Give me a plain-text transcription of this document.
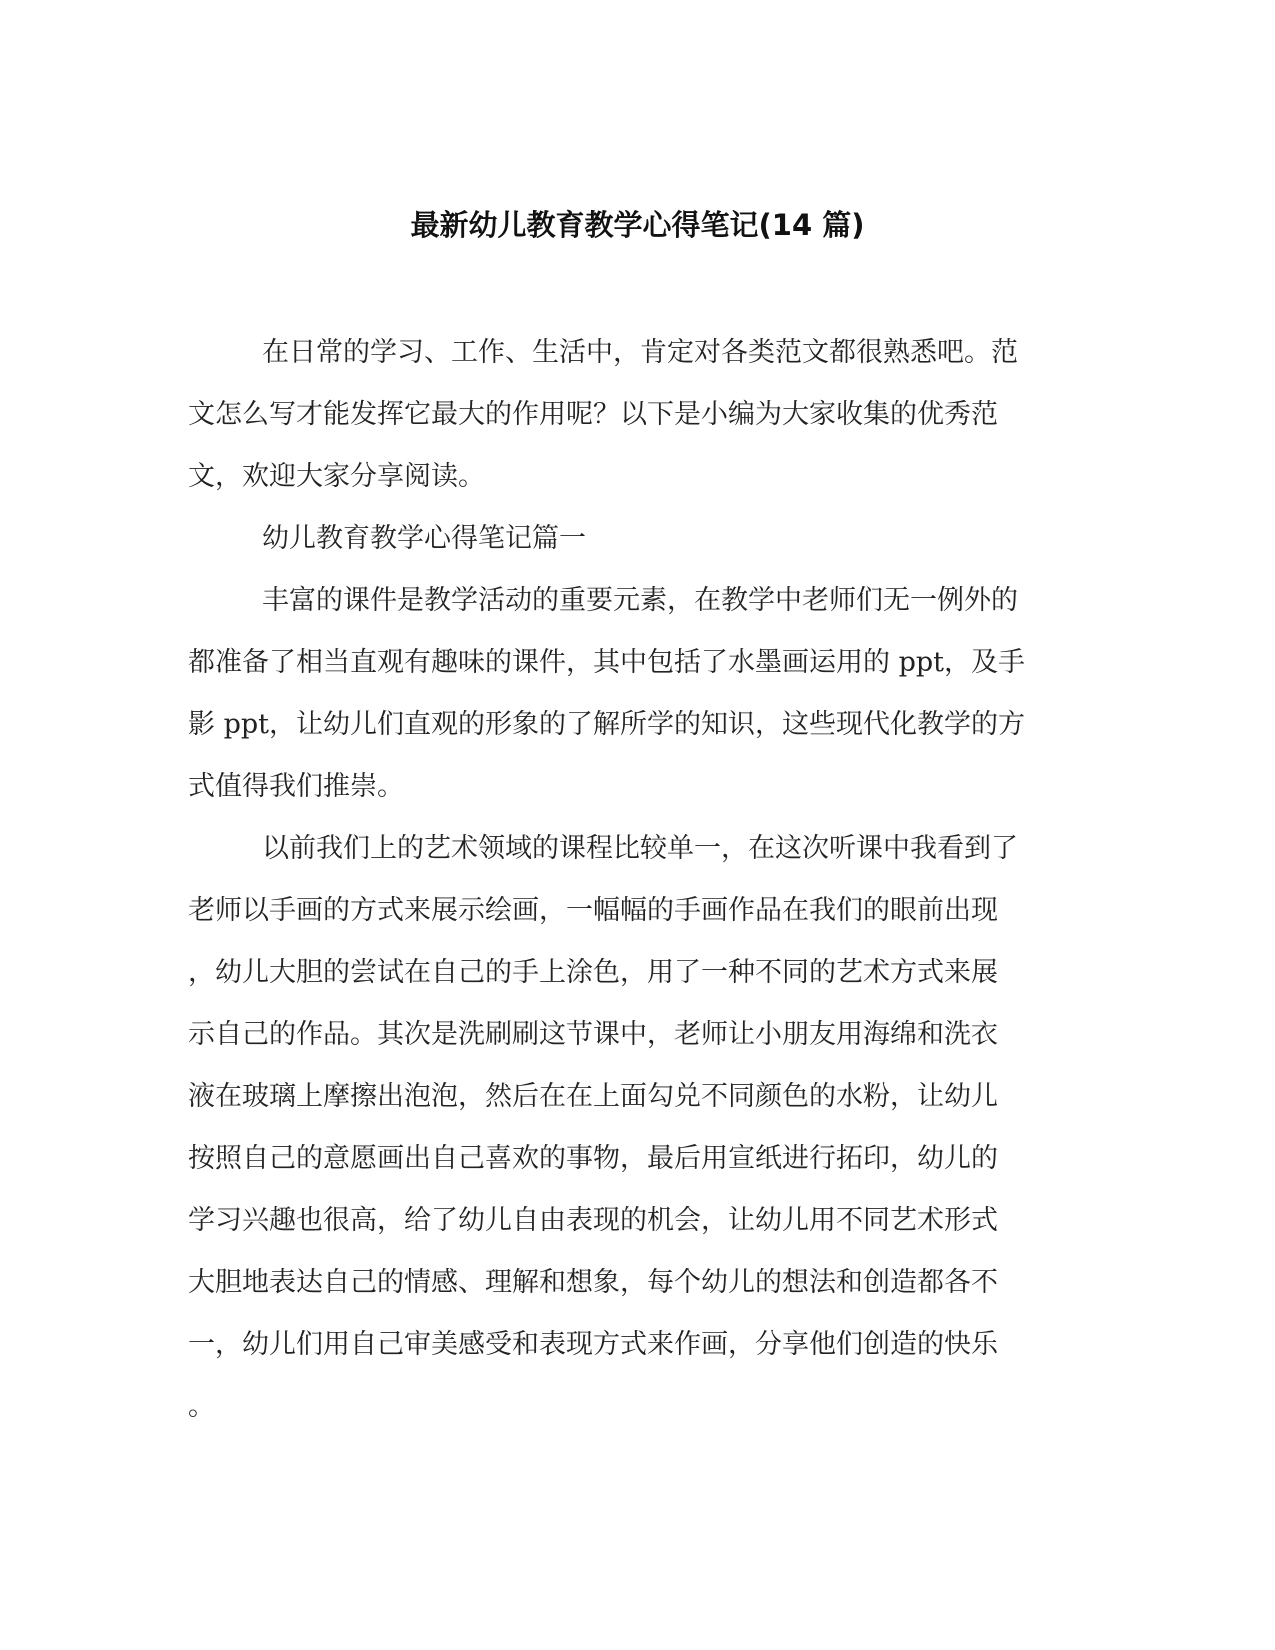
最新幼儿教育教学心得笔记(14 篇)
在日常的学习、工作、生活中，肯定对各类范文都很熟悉吧。范
文怎么写才能发挥它最大的作用呢？以下是小编为大家收集的优秀范
文，欢迎大家分享阅读。
幼儿教育教学心得笔记篇一
丰富的课件是教学活动的重要元素，在教学中老师们无一例外的
都准备了相当直观有趣味的课件，其中包括了水墨画运用的 ppt，及手
影 ppt，让幼儿们直观的形象的了解所学的知识，这些现代化教学的方
式值得我们推崇。
以前我们上的艺术领域的课程比较单一，在这次听课中我看到了
老师以手画的方式来展示绘画，一幅幅的手画作品在我们的眼前出现
，幼儿大胆的尝试在自己的手上涂色，用了一种不同的艺术方式来展
示自己的作品。其次是洗刷刷这节课中，老师让小朋友用海绵和洗衣
液在玻璃上摩擦出泡泡，然后在在上面勾兑不同颜色的水粉，让幼儿
按照自己的意愿画出自己喜欢的事物，最后用宣纸进行拓印，幼儿的
学习兴趣也很高，给了幼儿自由表现的机会，让幼儿用不同艺术形式
大胆地表达自己的情感、理解和想象，每个幼儿的想法和创造都各不
一，幼儿们用自己审美感受和表现方式来作画，分享他们创造的快乐
。
